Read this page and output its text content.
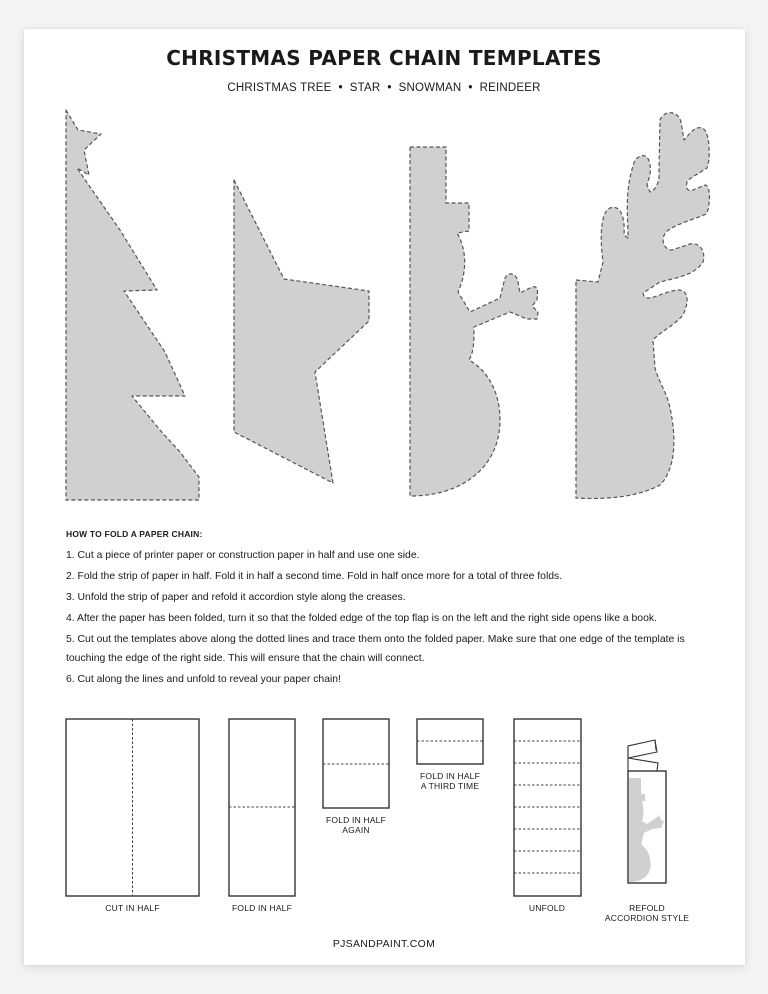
CHRISTMAS PAPER CHAIN TEMPLATES
CHRISTMAS TREE • STAR • SNOWMAN • REINDEER
HOW TO FOLD A PAPER CHAIN:
1. Cut a piece of printer paper or construction paper in half and use one side.
2. Fold the strip of paper in half. Fold it in half a second time. Fold in half once more for a total of three folds.
3. Unfold the strip of paper and refold it accordion style along the creases.
4. After the paper has been folded, turn it so that the folded edge of the top flap is on the left and the right side opens like a book.
5. Cut out the templates above along the dotted lines and trace them onto the folded paper. Make sure that one edge of the template is touching the edge of the right side. This will ensure that the chain will connect.
6. Cut along the lines and unfold to reveal your paper chain!
CUT IN HALF	FOLD IN HALF
FOLD IN HALF
AGAIN
FOLD IN HALF
A THIRD TIME
UNFOLD	REFOLD
ACCORDION STYLE
PJSANDPAINT.COM
